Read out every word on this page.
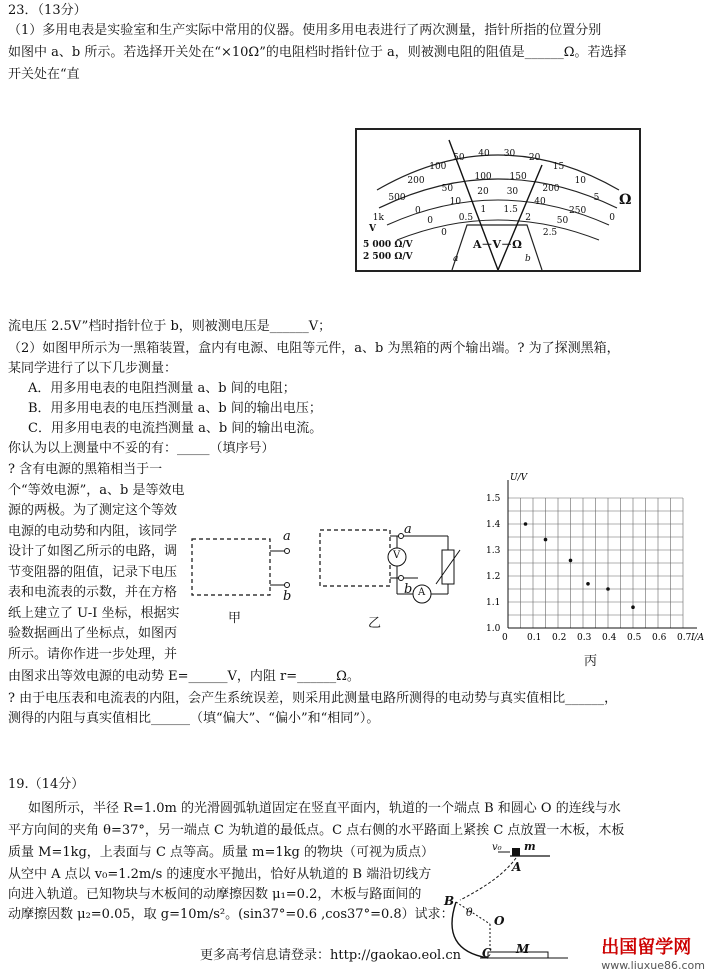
23．（13分）
（1）多用电表是实验室和生产实际中常用的仪器。使用多用电表进行了两次测量，指针所指的位置分别
如图中 a、b 所示。若选择开关处在“×10Ω”的电阻档时指针位于 a，则被测电阻的阻值是______Ω。若选择
开关处在“直
1k
500
200
100
50 40 30 20
15
10
5
0
Ω
A－V－Ω
5 000 Ω/V
2 500 Ω/V
V
a	b
0
50
100 150
200
250
0
10
20 30
40
50
0
0.5
1 1.5
2
2.5
流电压 2.5V”档时指针位于 b，则被测电压是______V；
（2）如图甲所示为一黑箱装置，盒内有电源、电阻等元件，a、b 为黑箱的两个输出端。? 为了探测黑箱，
某同学进行了以下几步测量：
A．用多用电表的电阻挡测量 a、b 间的电阻；
B．用多用电表的电压挡测量 a、b 间的输出电压；
C．用多用电表的电流挡测量 a、b 间的输出电流。
你认为以上测量中不妥的有：_____（填序号）
? 含有电源的黑箱相当于一
个“等效电源”，a、b 是等效电
源的两极。为了测定这个等效
电源的电动势和内阻，该同学
设计了如图乙所示的电路，调
节变阻器的阻值，记录下电压
表和电流表的示数，并在方格
纸上建立了 U-I 坐标，根据实
验数据画出了坐标点，如图丙
所示。请你作进一步处理，并
a
b
甲
a
b
V
A
乙
0 0.1 0.2 0.3 0.4 0.5 0.6 0.7
1.0
1.1
1.2
1.3
1.4
1.5
I/A
U/V
丙
由图求出等效电源的电动势 E=______V，内阻 r=______Ω。
? 由于电压表和电流表的内阻，会产生系统误差，则采用此测量电路所测得的电动势与真实值相比______，
测得的内阻与真实值相比______（填“偏大”、“偏小”和“相同”）。
19.（14分）
如图所示，半径 R=1.0m 的光滑圆弧轨道固定在竖直平面内，轨道的一个端点 B 和圆心 O 的连线与水
平方向间的夹角 θ=37°，另一端点 C 为轨道的最低点。C 点右侧的水平路面上紧挨 C 点放置一木板，木板
质量 M=1kg，上表面与 C 点等高。质量 m=1kg 的物块（可视为质点）
从空中 A 点以 v₀=1.2m/s 的速度水平抛出，恰好从轨道的 B 端沿切线方
向进入轨道。已知物块与木板间的动摩擦因数 μ₁=0.2，木板与路面间的
动摩擦因数 μ₂=0.05，取 g=10m/s²。(sin37°=0.6 ,cos37°=0.8）试求：
v₀ m
A
B
θ
O
C M
更多高考信息请登录：http://gaokao.eol.cn	出国留学网
www.liuxue86.com
